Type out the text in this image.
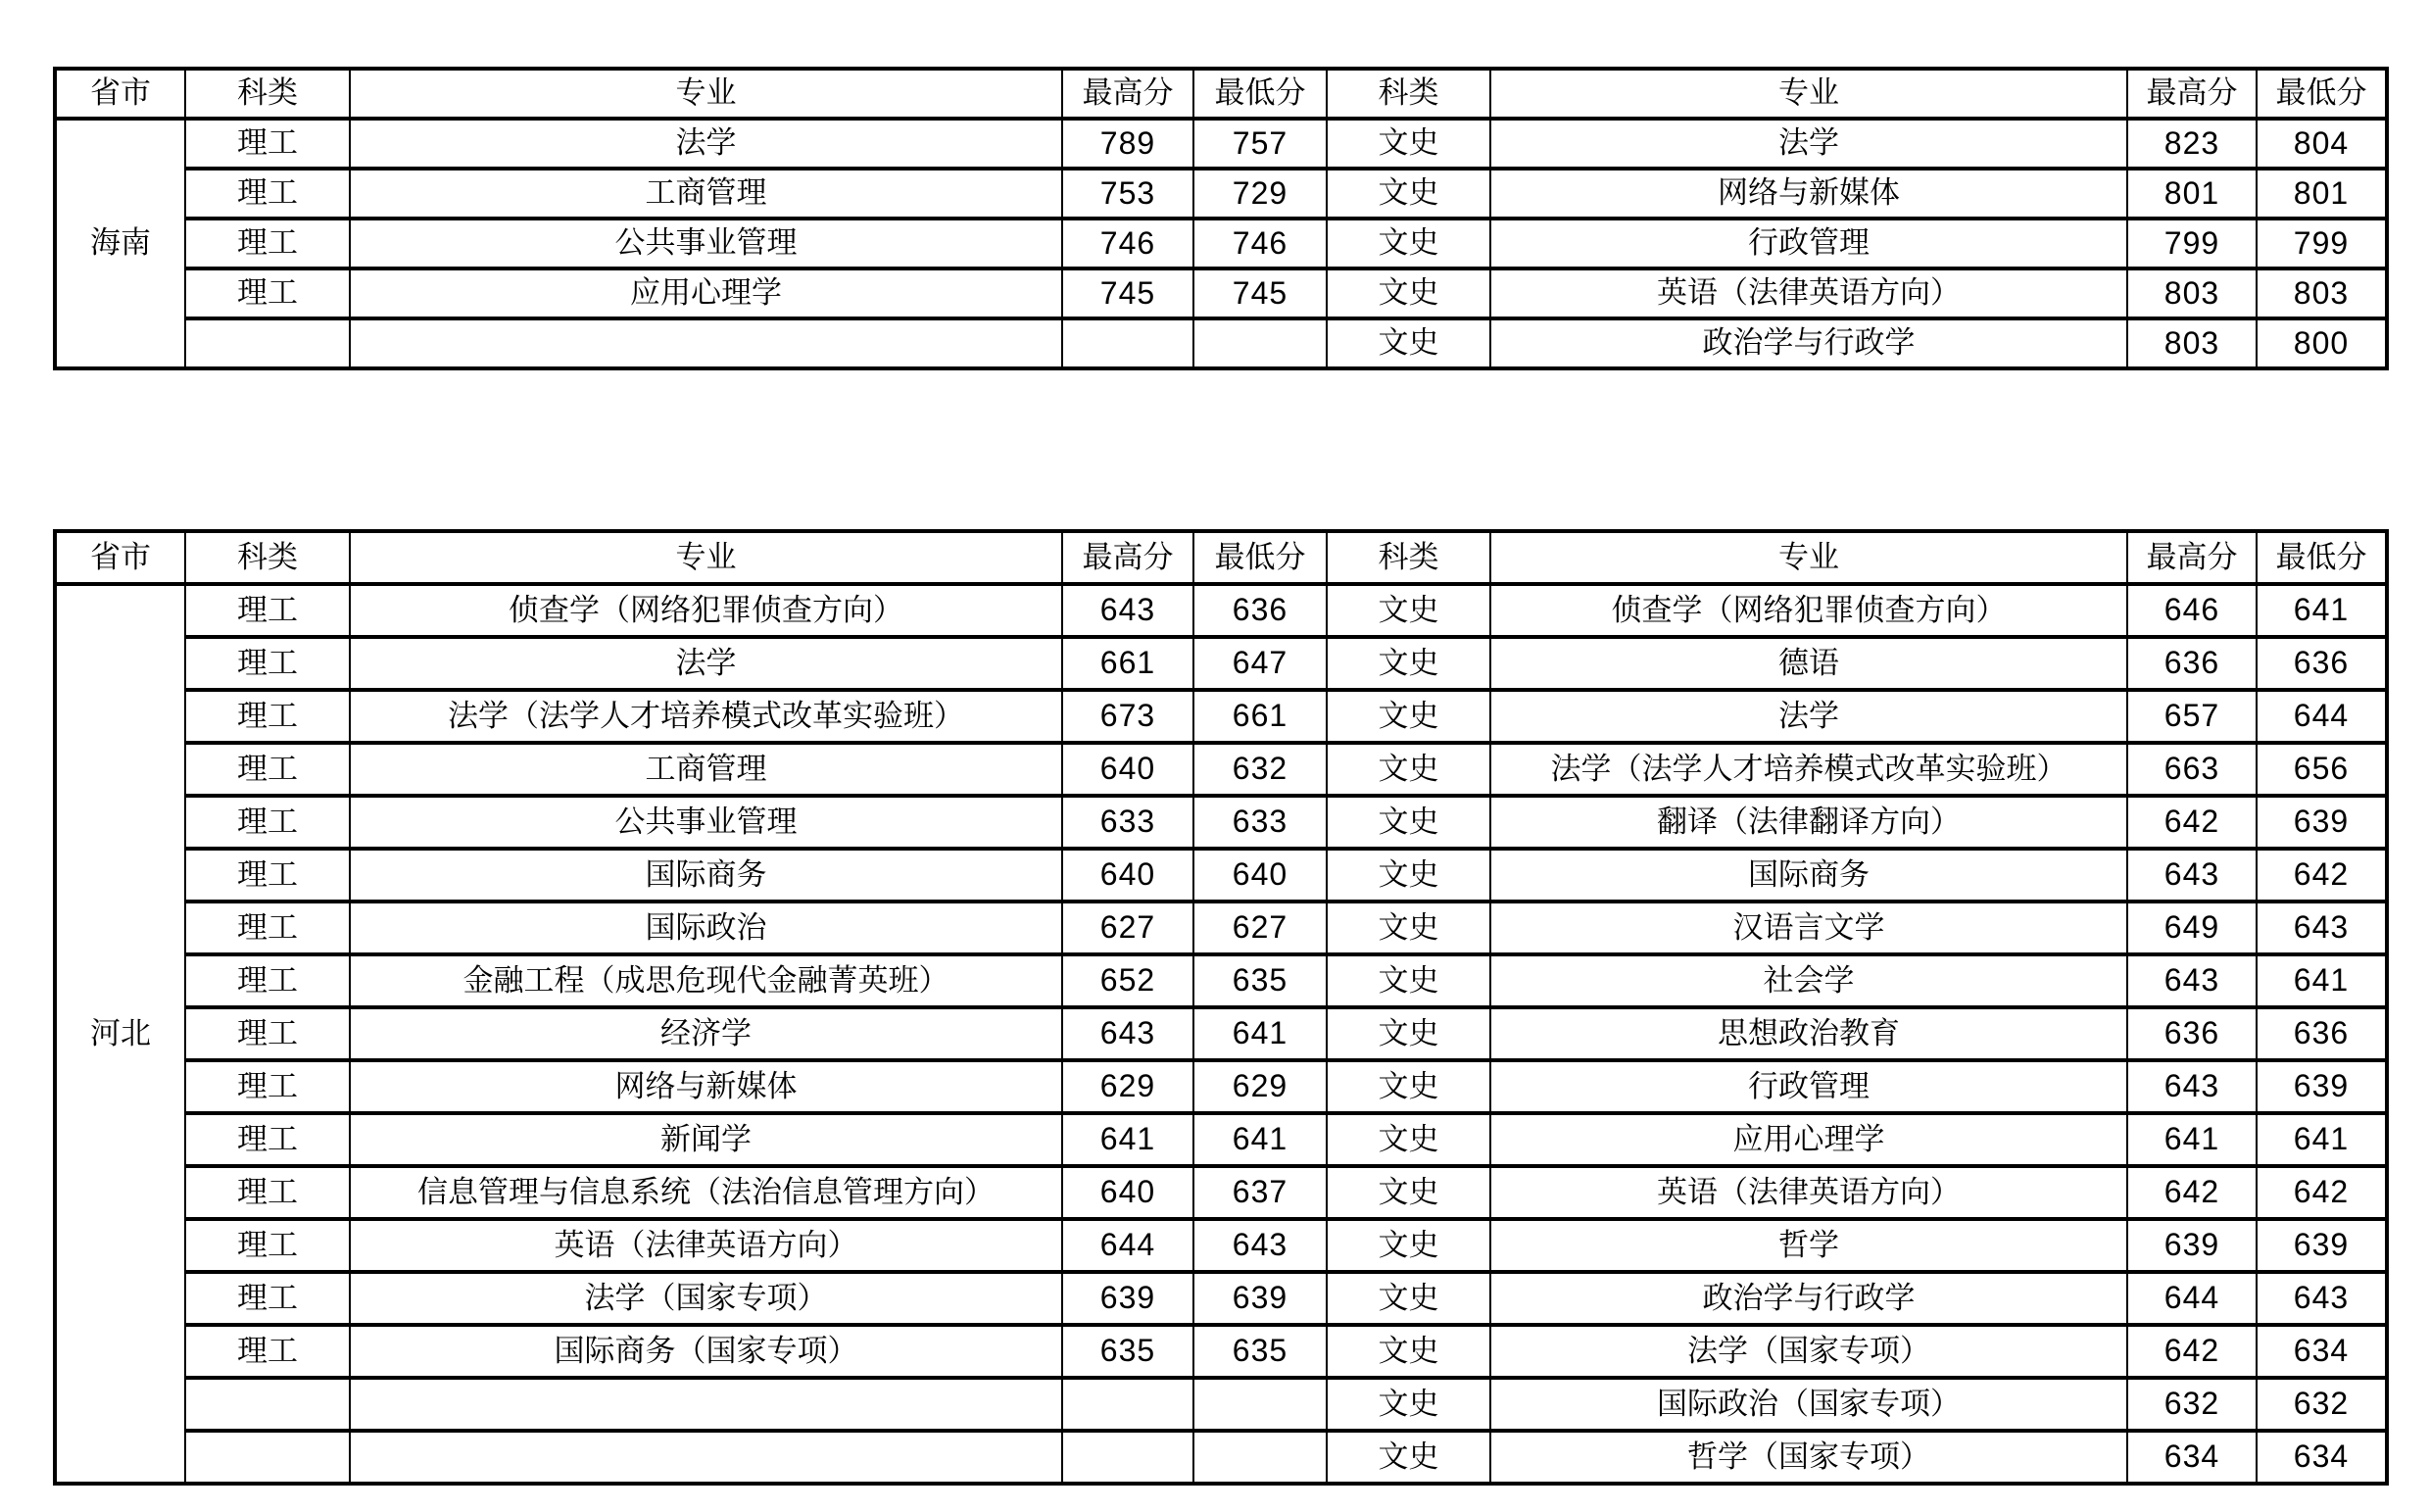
省市	科类	专业	最高分	最低分	科类	专业	最高分	最低分
海南	理工	法学	789	757	文史	法学	823	804
	理工	工商管理	753	729	文史	网络与新媒体	801	801
	理工	公共事业管理	746	746	文史	行政管理	799	799
	理工	应用心理学	745	745	文史	英语（法律英语方向）	803	803
					文史	政治学与行政学	803	800
省市	科类	专业	最高分	最低分	科类	专业	最高分	最低分
河北	理工	侦查学（网络犯罪侦查方向）	643	636	文史	侦查学（网络犯罪侦查方向）	646	641
	理工	法学	661	647	文史	德语	636	636
	理工	法学（法学人才培养模式改革实验班）	673	661	文史	法学	657	644
	理工	工商管理	640	632	文史	法学（法学人才培养模式改革实验班）	663	656
	理工	公共事业管理	633	633	文史	翻译（法律翻译方向）	642	639
	理工	国际商务	640	640	文史	国际商务	643	642
	理工	国际政治	627	627	文史	汉语言文学	649	643
	理工	金融工程（成思危现代金融菁英班）	652	635	文史	社会学	643	641
	理工	经济学	643	641	文史	思想政治教育	636	636
	理工	网络与新媒体	629	629	文史	行政管理	643	639
	理工	新闻学	641	641	文史	应用心理学	641	641
	理工	信息管理与信息系统（法治信息管理方向）	640	637	文史	英语（法律英语方向）	642	642
	理工	英语（法律英语方向）	644	643	文史	哲学	639	639
	理工	法学（国家专项）	639	639	文史	政治学与行政学	644	643
	理工	国际商务（国家专项）	635	635	文史	法学（国家专项）	642	634
					文史	国际政治（国家专项）	632	632
					文史	哲学（国家专项）	634	634
